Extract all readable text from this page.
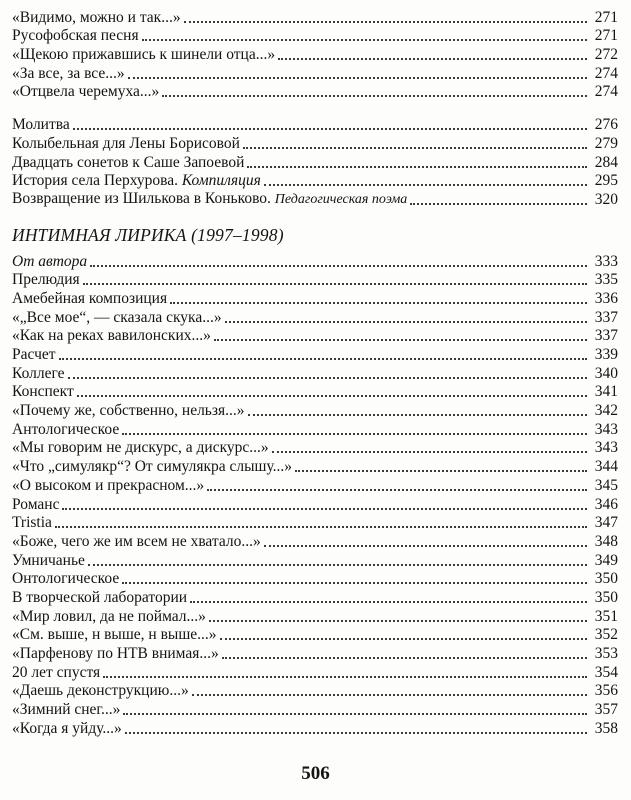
«Видимо, можно и так...»	271
Русофобская песня	271
«Щекою прижавшись к шинели отца...»	272
«За все, за все...»	274
«Отцвела черемуха...»	274
Молитва	276
Колыбельная для Лены Борисовой	279
Двадцать сонетов к Саше Запоевой	284
История села Перхурова. Компиляция	295
Возвращение из Шилькова в Коньково. Педагогическая поэма	320
ИНТИМНАЯ ЛИРИКА (1997–1998)
От автора	333
Прелюдия	335
Амебейная композиция	336
«„Все мое“, — сказала скука...»	337
«Как на реках вавилонских...»	337
Расчет	339
Коллеге	340
Конспект	341
«Почему же, собственно, нельзя...»	342
Антологическое	343
«Мы говорим не дискурс, а дискурс...»	343
«Что „симулякр“? От симулякра слышу...»	344
«О высоком и прекрасном...»	345
Романс	346
Tristia	347
«Боже, чего же им всем не хватало...»	348
Умничанье	349
Онтологическое	350
В творческой лаборатории	350
«Мир ловил, да не поймал...»	351
«См. выше, н выше, н выше...»	352
«Парфенову по НТВ внимая...»	353
20 лет спустя	354
«Даешь деконструкцию...»	356
«Зимний снег...»	357
«Когда я уйду...»	358
506
